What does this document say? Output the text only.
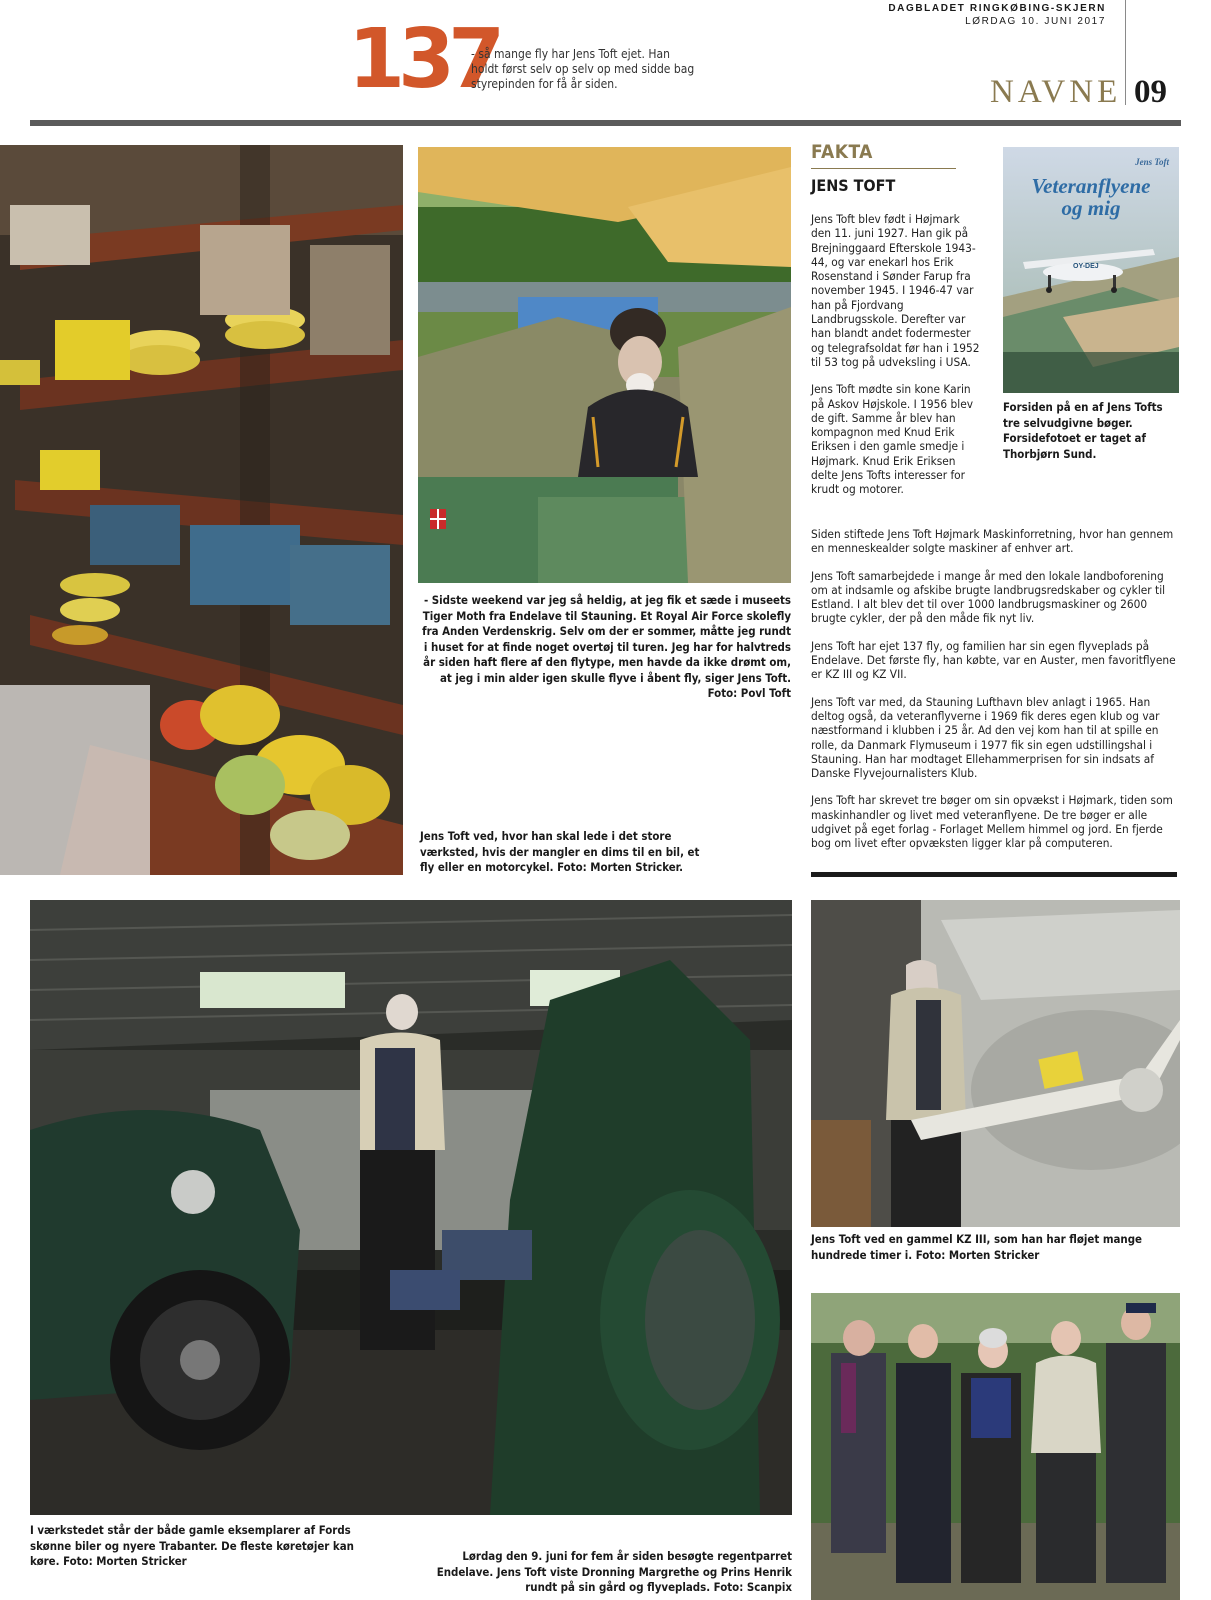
DAGBLADET RINGKØBING-SKJERN
LØRDAG 10. JUNI 2017
NAVNE 09
137
- så mange fly har Jens Toft ejet. Han holdt først selv op selv op med sidde bag styrepinden for få år siden.
- Sidste weekend var jeg så heldig, at jeg fik et sæde i museets Tiger Moth fra Endelave til Stauning. Et Royal Air Force skolefly fra Anden Verdenskrig. Selv om der er sommer, måtte jeg rundt i huset for at finde noget overtøj til turen. Jeg har for halvtreds år siden haft flere af den flytype, men havde da ikke drømt om, at jeg i min alder igen skulle flyve i åbent fly, siger Jens Toft. Foto: Povl Toft
Jens Toft ved, hvor han skal lede i det store værksted, hvis der mangler en dims til en bil, et fly eller en motorcykel. Foto: Morten Stricker.
FAKTA
JENS TOFT

Jens Toft blev født i Højmark den 11. juni 1927. Han gik på Brejninggaard Efterskole 1943-44, og var enekarl hos Erik Rosenstand i Sønder Farup fra november 1945. I 1946-47 var han på Fjordvang Landbrugsskole. Derefter var han blandt andet fodermester og telegrafsoldat før han i 1952 til 53 tog på udveksling i USA.

Jens Toft mødte sin kone Karin på Askov Højskole. I 1956 blev de gift. Samme år blev han kompagnon med Knud Erik Eriksen i den gamle smedje i Højmark. Knud Erik Eriksen delte Jens Tofts interesser for krudt og motorer.

Siden stiftede Jens Toft Højmark Maskinforretning, hvor han gennem en menneskealder solgte maskiner af enhver art.

Jens Toft samarbejdede i mange år med den lokale landboforening om at indsamle og afskibe brugte landbrugsredskaber og cykler til Estland. I alt blev det til over 1000 landbrugsmaskiner og 2600 brugte cykler, der på den måde fik nyt liv.

Jens Toft har ejet 137 fly, og familien har sin egen flyveplads på Endelave. Det første fly, han købte, var en Auster, men favoritflyene er KZ III og KZ VII.

Jens Toft var med, da Stauning Lufthavn blev anlagt i 1965. Han deltog også, da veteranflyverne i 1969 fik deres egen klub og var næstformand i klubben i 25 år. Ad den vej kom han til at spille en rolle, da Danmark Flymuseum i 1977 fik sin egen udstillingshal i Stauning. Han har modtaget Ellehammerprisen for sin indsats af Danske Flyvejournalisters Klub.

Jens Toft har skrevet tre bøger om sin opvækst i Højmark, tiden som maskinhandler og livet med veteranflyene. De tre bøger er alle udgivet på eget forlag - Forlaget Mellem himmel og jord. En fjerde bog om livet efter opvæksten ligger klar på computeren.

Jens Toft
Veteranflyene
og mig
OY-DEJ
Forsiden på en af Jens Tofts tre selvudgivne bøger. Forsidefotoet er taget af Thorbjørn Sund.
I værkstedet står der både gamle eksemplarer af Fords skønne biler og nyere Trabanter. De fleste køretøjer kan køre. Foto: Morten Stricker
Jens Toft ved en gammel KZ III, som han har fløjet mange hundrede timer i. Foto: Morten Stricker
Lørdag den 9. juni for fem år siden besøgte regentparret Endelave. Jens Toft viste Dronning Margrethe og Prins Henrik rundt på sin gård og flyveplads. Foto: Scanpix
